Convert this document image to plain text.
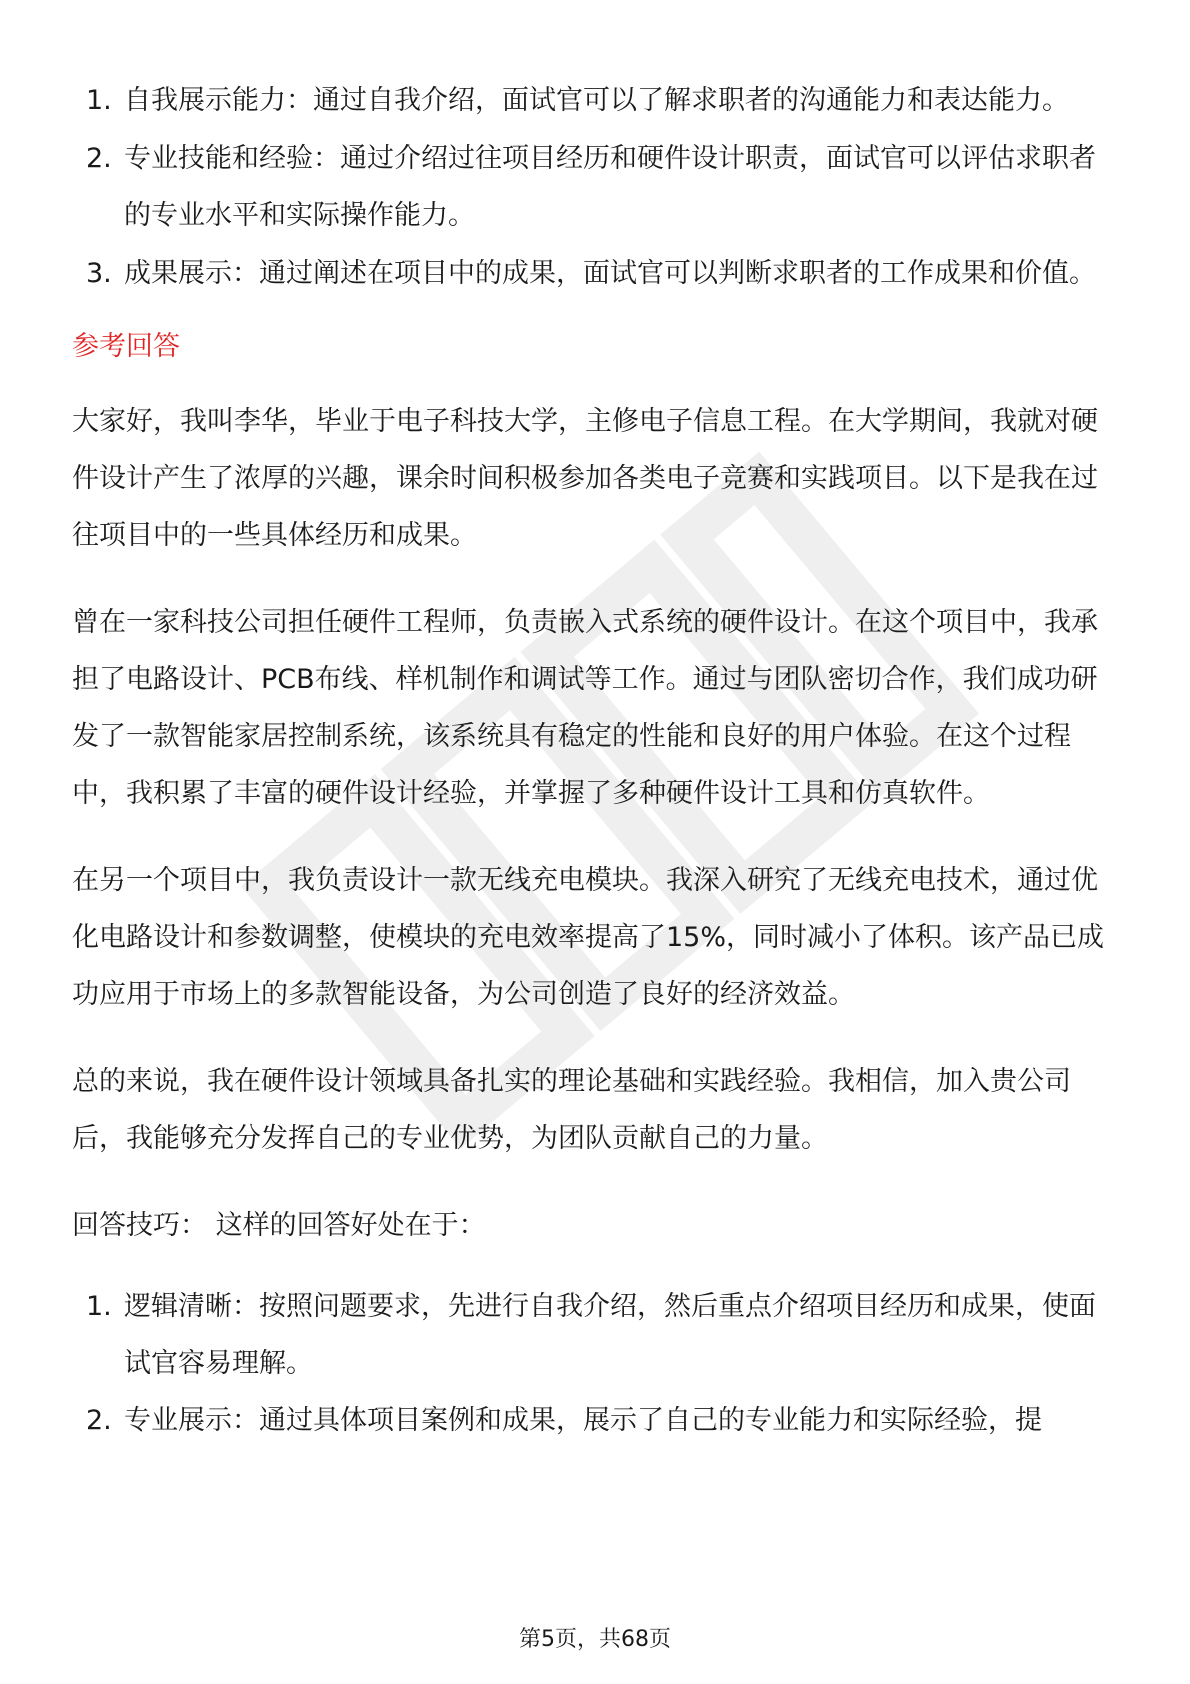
1. 自我展示能力：通过自我介绍，面试官可以了解求职者的沟通能力和表达能力。
2. 专业技能和经验：通过介绍过往项目经历和硬件设计职责，面试官可以评估求职者的专业水平和实际操作能力。
3. 成果展示：通过阐述在项目中的成果，面试官可以判断求职者的工作成果和价值。
参考回答

大家好，我叫李华，毕业于电子科技大学，主修电子信息工程。在大学期间，我就对硬件设计产生了浓厚的兴趣，课余时间积极参加各类电子竞赛和实践项目。以下是我在过往项目中的一些具体经历和成果。

曾在一家科技公司担任硬件工程师，负责嵌入式系统的硬件设计。在这个项目中，我承担了电路设计、PCB布线、样机制作和调试等工作。通过与团队密切合作，我们成功研发了一款智能家居控制系统，该系统具有稳定的性能和良好的用户体验。在这个过程中，我积累了丰富的硬件设计经验，并掌握了多种硬件设计工具和仿真软件。

在另一个项目中，我负责设计一款无线充电模块。我深入研究了无线充电技术，通过优化电路设计和参数调整，使模块的充电效率提高了15%，同时减小了体积。该产品已成功应用于市场上的多款智能设备，为公司创造了良好的经济效益。

总的来说，我在硬件设计领域具备扎实的理论基础和实践经验。我相信，加入贵公司后，我能够充分发挥自己的专业优势，为团队贡献自己的力量。

回答技巧： 这样的回答好处在于：

1. 逻辑清晰：按照问题要求，先进行自我介绍，然后重点介绍项目经历和成果，使面试官容易理解。
2. 专业展示：通过具体项目案例和成果，展示了自己的专业能力和实际经验，提
第5页，共68页
